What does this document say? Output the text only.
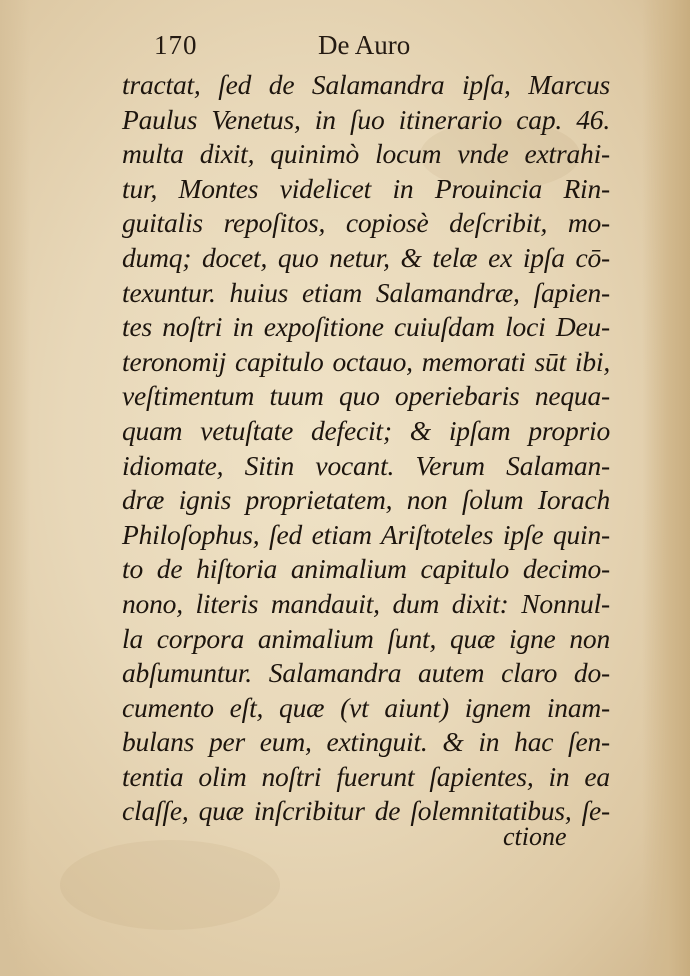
170	De Auro
tractat, ſed de Salamandra ipſa, Marcus
Paulus Venetus, in ſuo itinerario cap. 46.
multa dixit, quinimò locum vnde extrahi-
tur, Montes videlicet in Prouincia Rin-
guitalis repoſitos, copiosè deſcribit, mo-
dumq; docet, quo netur, & telæ ex ipſa cō-
texuntur. huius etiam Salamandræ, ſapien-
tes noſtri in expoſitione cuiuſdam loci Deu-
teronomij capitulo octauo, memorati sūt ibi,
veſtimentum tuum quo operiebaris nequa-
quam vetuſtate defecit; & ipſam proprio
idiomate, Sitin vocant. Verum Salaman-
dræ ignis proprietatem, non ſolum Iorach
Philoſophus, ſed etiam Ariſtoteles ipſe quin-
to de hiſtoria animalium capitulo decimo-
nono, literis mandauit, dum dixit: Nonnul-
la corpora animalium ſunt, quæ igne non
abſumuntur. Salamandra autem claro do-
cumento eſt, quæ (vt aiunt) ignem inam-
bulans per eum, extinguit. & in hac ſen-
tentia olim noſtri fuerunt ſapientes, in ea
claſſe, quæ inſcribitur de ſolemnitatibus, ſe-
ctione
